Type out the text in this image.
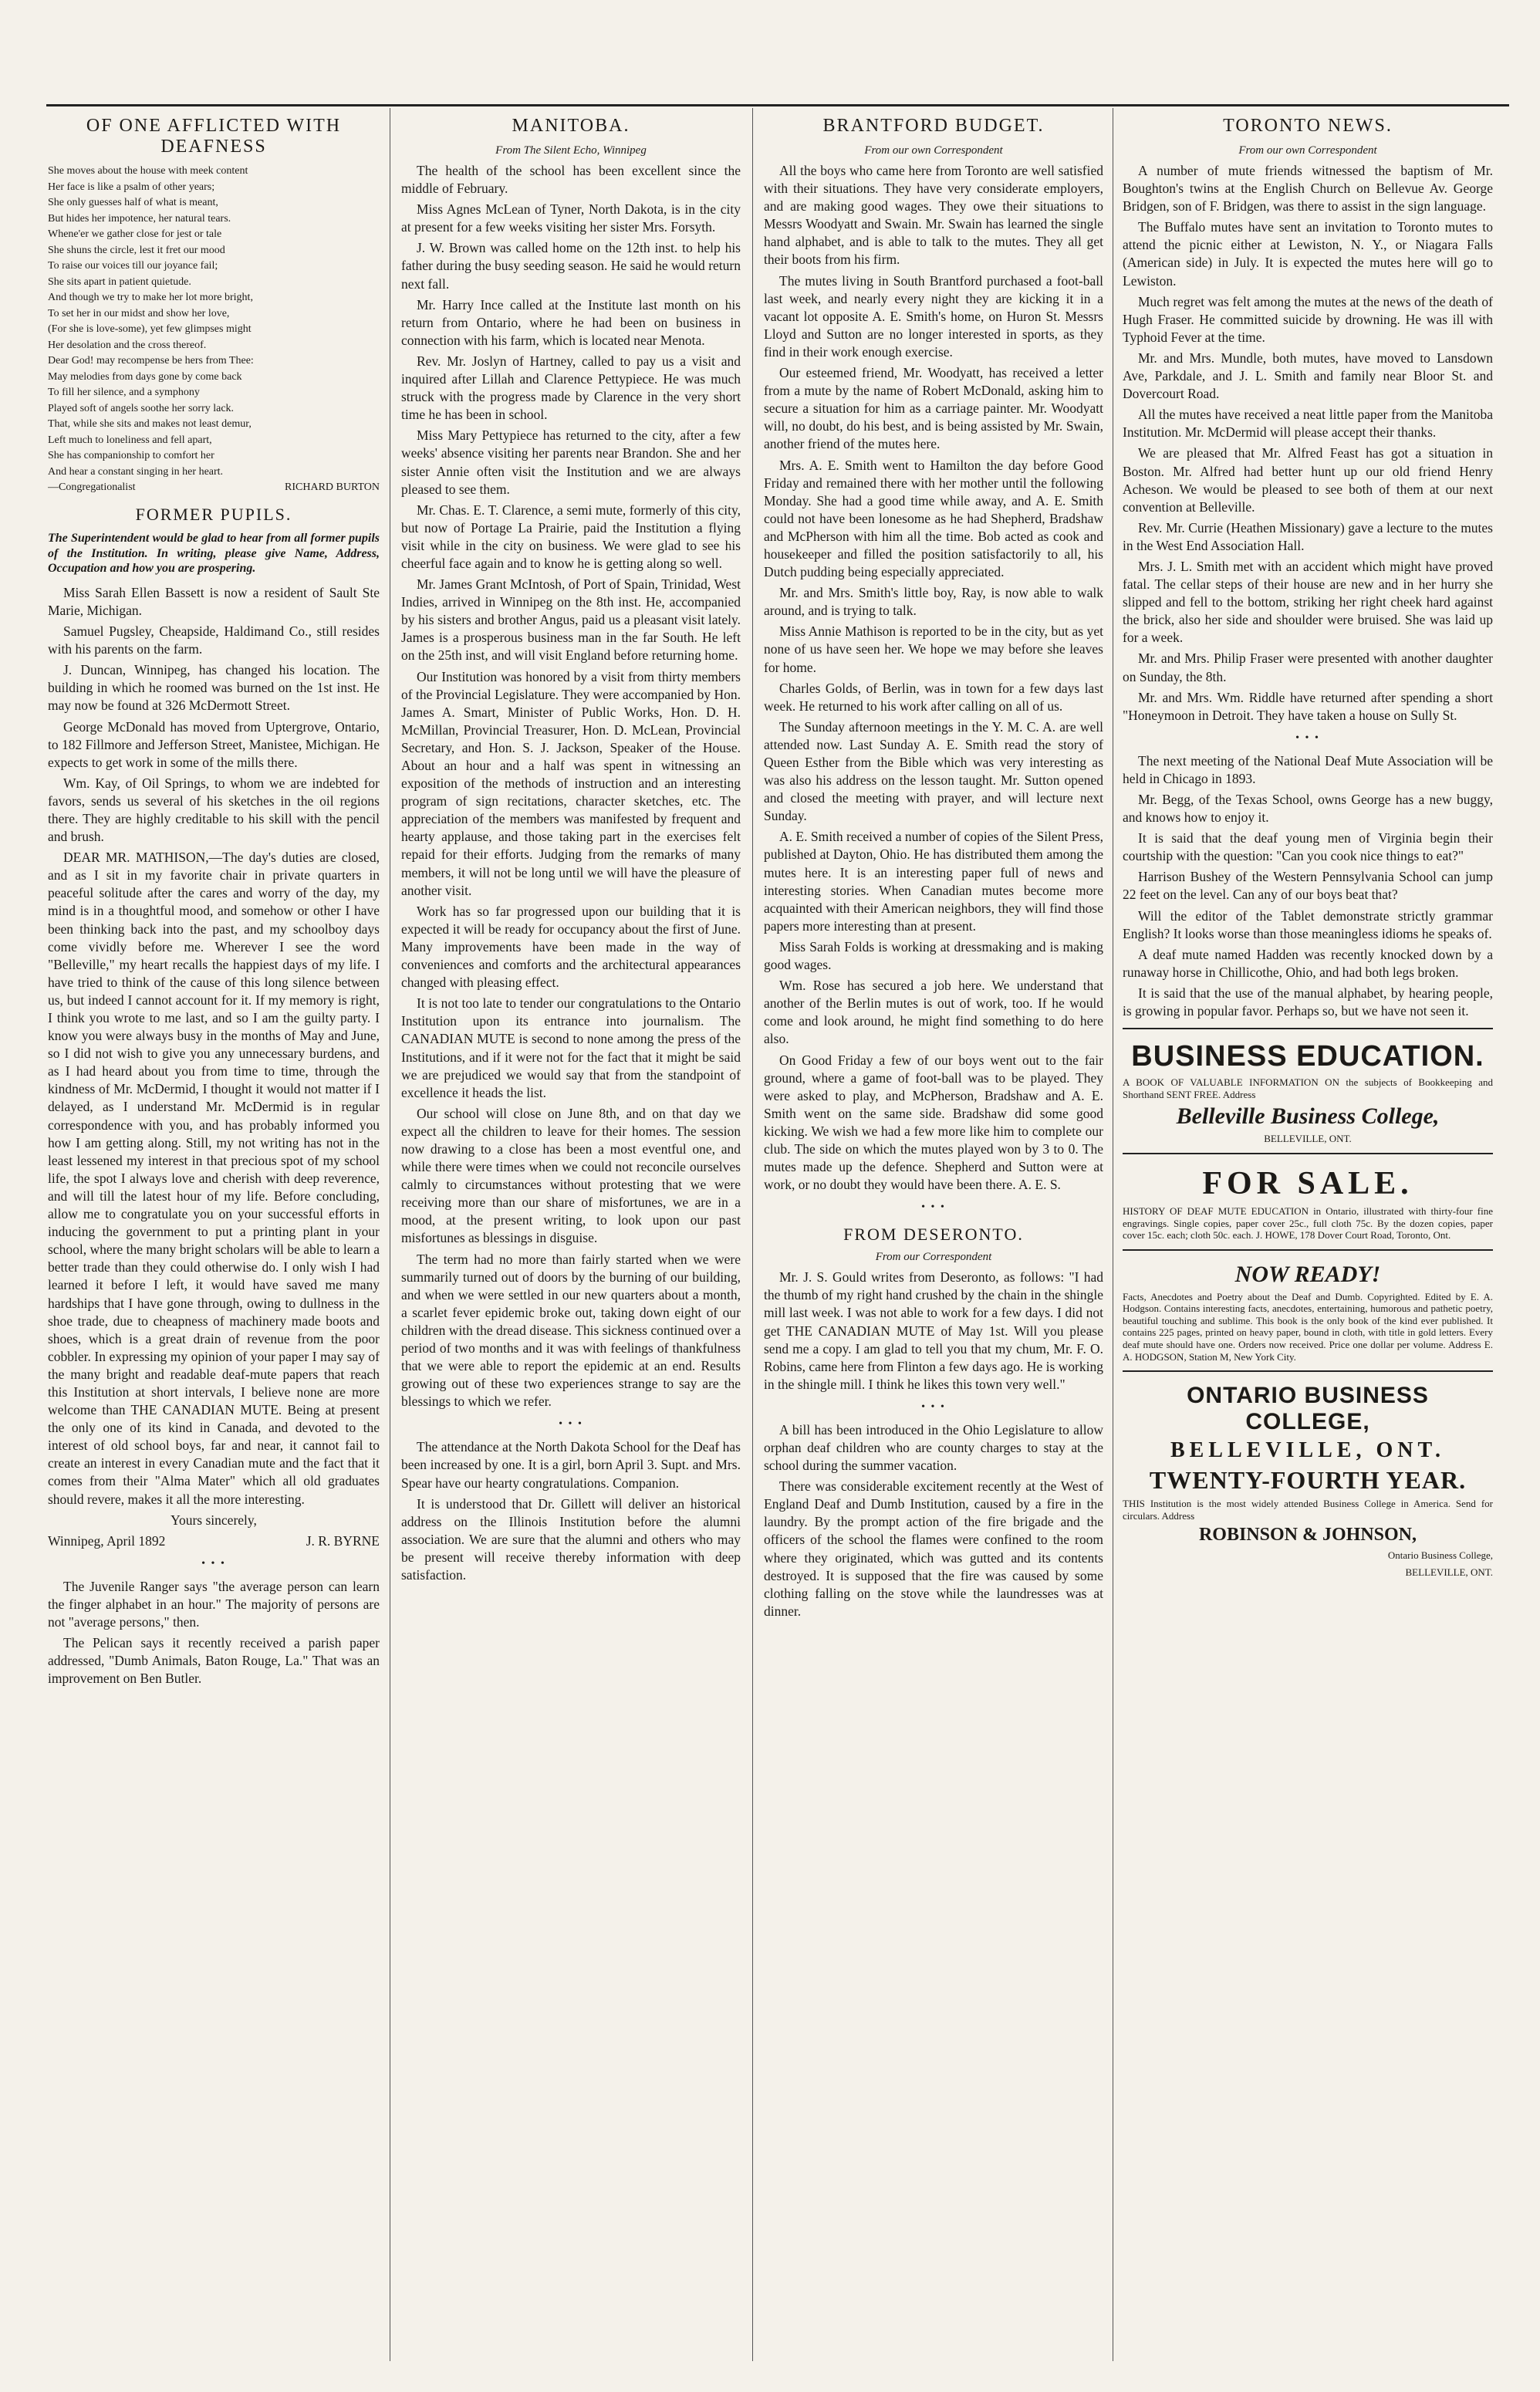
OF ONE AFFLICTED WITH DEAFNESS

She moves about the house with meek content

Her face is like a psalm of other years;

She only guesses half of what is meant,

But hides her impotence, her natural tears.

Whene'er we gather close for jest or tale

She shuns the circle, lest it fret our mood

To raise our voices till our joyance fail;

She sits apart in patient quietude.

And though we try to make her lot more bright,

To set her in our midst and show her love,

(For she is love-some), yet few glimpses might

Her desolation and the cross thereof.

Dear God! may recompense be hers from Thee:

May melodies from days gone by come back

To fill her silence, and a symphony

Played soft of angels soothe her sorry lack.

That, while she sits and makes not least demur,

Left much to loneliness and fell apart,

She has companionship to comfort her

And hear a constant singing in her heart.

—Congregationalist	RICHARD BURTON
FORMER PUPILS.

The Superintendent would be glad to hear from all former pupils of the Institution. In writing, please give Name, Address, Occupation and how you are prospering.

Miss Sarah Ellen Bassett is now a resident of Sault Ste Marie, Michigan.

Samuel Pugsley, Cheapside, Haldimand Co., still resides with his parents on the farm.

J. Duncan, Winnipeg, has changed his location. The building in which he roomed was burned on the 1st inst. He may now be found at 326 McDermott Street.

George McDonald has moved from Uptergrove, Ontario, to 182 Fillmore and Jefferson Street, Manistee, Michigan. He expects to get work in some of the mills there.

Wm. Kay, of Oil Springs, to whom we are indebted for favors, sends us several of his sketches in the oil regions there. They are highly creditable to his skill with the pencil and brush.

DEAR MR. MATHISON,—The day's duties are closed, and as I sit in my favorite chair in private quarters in peaceful solitude after the cares and worry of the day, my mind is in a thoughtful mood, and somehow or other I have been thinking back into the past, and my schoolboy days come vividly before me. Wherever I see the word "Belleville," my heart recalls the happiest days of my life. I have tried to think of the cause of this long silence between us, but indeed I cannot account for it. If my memory is right, I think you wrote to me last, and so I am the guilty party. I know you were always busy in the months of May and June, so I did not wish to give you any unnecessary burdens, and as I had heard about you from time to time, through the kindness of Mr. McDermid, I thought it would not matter if I delayed, as I understand Mr. McDermid is in regular correspondence with you, and has probably informed you how I am getting along. Still, my not writing has not in the least lessened my interest in that precious spot of my school life, the spot I always love and cherish with deep reverence, and will till the latest hour of my life. Before concluding, allow me to congratulate you on your successful efforts in inducing the government to put a printing plant in your school, where the many bright scholars will be able to learn a better trade than they could otherwise do. I only wish I had learned it before I left, it would have saved me many hardships that I have gone through, owing to dullness in the shoe trade, due to cheapness of machinery made boots and shoes, which is a great drain of revenue from the poor cobbler. In expressing my opinion of your paper I may say of the many bright and readable deaf-mute papers that reach this Institution at short intervals, I believe none are more welcome than THE CANADIAN MUTE. Being at present the only one of its kind in Canada, and devoted to the interest of old school boys, far and near, it cannot fail to create an interest in every Canadian mute and the fact that it comes from their "Alma Mater" which all old graduates should revere, makes it all the more interesting.

Yours sincerely,

Winnipeg, April 1892	J. R. BYRNE

• • •

The Juvenile Ranger says "the average person can learn the finger alphabet in an hour." The majority of persons are not "average persons," then.

The Pelican says it recently received a parish paper addressed, "Dumb Animals, Baton Rouge, La." That was an improvement on Ben Butler.

MANITOBA.
From The Silent Echo, Winnipeg

The health of the school has been excellent since the middle of February.

Miss Agnes McLean of Tyner, North Dakota, is in the city at present for a few weeks visiting her sister Mrs. Forsyth.

J. W. Brown was called home on the 12th inst. to help his father during the busy seeding season. He said he would return next fall.

Mr. Harry Ince called at the Institute last month on his return from Ontario, where he had been on business in connection with his farm, which is located near Menota.

Rev. Mr. Joslyn of Hartney, called to pay us a visit and inquired after Lillah and Clarence Pettypiece. He was much struck with the progress made by Clarence in the very short time he has been in school.

Miss Mary Pettypiece has returned to the city, after a few weeks' absence visiting her parents near Brandon. She and her sister Annie often visit the Institution and we are always pleased to see them.

Mr. Chas. E. T. Clarence, a semi mute, formerly of this city, but now of Portage La Prairie, paid the Institution a flying visit while in the city on business. We were glad to see his cheerful face again and to know he is getting along so well.

Mr. James Grant McIntosh, of Port of Spain, Trinidad, West Indies, arrived in Winnipeg on the 8th inst. He, accompanied by his sisters and brother Angus, paid us a pleasant visit lately. James is a prosperous business man in the far South. He left on the 25th inst, and will visit England before returning home.

Our Institution was honored by a visit from thirty members of the Provincial Legislature. They were accompanied by Hon. James A. Smart, Minister of Public Works, Hon. D. H. McMillan, Provincial Treasurer, Hon. D. McLean, Provincial Secretary, and Hon. S. J. Jackson, Speaker of the House. About an hour and a half was spent in witnessing an exposition of the methods of instruction and an interesting program of sign recitations, character sketches, etc. The appreciation of the members was manifested by frequent and hearty applause, and those taking part in the exercises felt repaid for their efforts. Judging from the remarks of many members, it will not be long until we will have the pleasure of another visit.

Work has so far progressed upon our building that it is expected it will be ready for occupancy about the first of June. Many improvements have been made in the way of conveniences and comforts and the architectural appearances changed with pleasing effect.

It is not too late to tender our congratulations to the Ontario Institution upon its entrance into journalism. The CANADIAN MUTE is second to none among the press of the Institutions, and if it were not for the fact that it might be said we are prejudiced we would say that from the standpoint of excellence it heads the list.

Our school will close on June 8th, and on that day we expect all the children to leave for their homes. The session now drawing to a close has been a most eventful one, and while there were times when we could not reconcile ourselves calmly to circumstances without protesting that we were receiving more than our share of misfortunes, we are in a mood, at the present writing, to look upon our past misfortunes as blessings in disguise.

The term had no more than fairly started when we were summarily turned out of doors by the burning of our building, and when we were settled in our new quarters about a month, a scarlet fever epidemic broke out, taking down eight of our children with the dread disease. This sickness continued over a period of two months and it was with feelings of thankfulness that we were able to report the epidemic at an end. Results growing out of these two experiences strange to say are the blessings to which we refer.

• • •

The attendance at the North Dakota School for the Deaf has been increased by one. It is a girl, born April 3. Supt. and Mrs. Spear have our hearty congratulations. Companion.

It is understood that Dr. Gillett will deliver an historical address on the Illinois Institution before the alumni association. We are sure that the alumni and others who may be present will receive thereby information with deep satisfaction.

BRANTFORD BUDGET.
From our own Correspondent

All the boys who came here from Toronto are well satisfied with their situations. They have very considerate employers, and are making good wages. They owe their situations to Messrs Woodyatt and Swain. Mr. Swain has learned the single hand alphabet, and is able to talk to the mutes. They all get their boots from his firm.

The mutes living in South Brantford purchased a foot-ball last week, and nearly every night they are kicking it in a vacant lot opposite A. E. Smith's home, on Huron St. Messrs Lloyd and Sutton are no longer interested in sports, as they find in their work enough exercise.

Our esteemed friend, Mr. Woodyatt, has received a letter from a mute by the name of Robert McDonald, asking him to secure a situation for him as a carriage painter. Mr. Woodyatt will, no doubt, do his best, and is being assisted by Mr. Swain, another friend of the mutes here.

Mrs. A. E. Smith went to Hamilton the day before Good Friday and remained there with her mother until the following Monday. She had a good time while away, and A. E. Smith could not have been lonesome as he had Shepherd, Bradshaw and McPherson with him all the time. Bob acted as cook and housekeeper and filled the position satisfactorily to all, his Dutch pudding being especially appreciated.

Mr. and Mrs. Smith's little boy, Ray, is now able to walk around, and is trying to talk.

Miss Annie Mathison is reported to be in the city, but as yet none of us have seen her. We hope we may before she leaves for home.

Charles Golds, of Berlin, was in town for a few days last week. He returned to his work after calling on all of us.

The Sunday afternoon meetings in the Y. M. C. A. are well attended now. Last Sunday A. E. Smith read the story of Queen Esther from the Bible which was very interesting as was also his address on the lesson taught. Mr. Sutton opened and closed the meeting with prayer, and will lecture next Sunday.

A. E. Smith received a number of copies of the Silent Press, published at Dayton, Ohio. He has distributed them among the mutes here. It is an interesting paper full of news and interesting stories. When Canadian mutes become more acquainted with their American neighbors, they will find those papers more interesting than at present.

Miss Sarah Folds is working at dressmaking and is making good wages.

Wm. Rose has secured a job here. We understand that another of the Berlin mutes is out of work, too. If he would come and look around, he might find something to do here also.

On Good Friday a few of our boys went out to the fair ground, where a game of foot-ball was to be played. They were asked to play, and McPherson, Bradshaw and A. E. Smith went on the same side. Bradshaw did some good kicking. We wish we had a few more like him to complete our club. The side on which the mutes played won by 3 to 0. The mutes made up the defence. Shepherd and Sutton were at work, or no doubt they would have been there. A. E. S.

• • •
FROM DESERONTO.
From our Correspondent

Mr. J. S. Gould writes from Deseronto, as follows: "I had the thumb of my right hand crushed by the chain in the shingle mill last week. I was not able to work for a few days. I did not get THE CANADIAN MUTE of May 1st. Will you please send me a copy. I am glad to tell you that my chum, Mr. F. O. Robins, came here from Flinton a few days ago. He is working in the shingle mill. I think he likes this town very well."

• • •

A bill has been introduced in the Ohio Legislature to allow orphan deaf children who are county charges to stay at the school during the summer vacation.

There was considerable excitement recently at the West of England Deaf and Dumb Institution, caused by a fire in the laundry. By the prompt action of the fire brigade and the officers of the school the flames were confined to the room where they originated, which was gutted and its contents destroyed. It is supposed that the fire was caused by some clothing falling on the stove while the laundresses was at dinner.

TORONTO NEWS.
From our own Correspondent

A number of mute friends witnessed the baptism of Mr. Boughton's twins at the English Church on Bellevue Av. George Bridgen, son of F. Bridgen, was there to assist in the sign language.

The Buffalo mutes have sent an invitation to Toronto mutes to attend the picnic either at Lewiston, N. Y., or Niagara Falls (American side) in July. It is expected the mutes here will go to Lewiston.

Much regret was felt among the mutes at the news of the death of Hugh Fraser. He committed suicide by drowning. He was ill with Typhoid Fever at the time.

Mr. and Mrs. Mundle, both mutes, have moved to Lansdown Ave, Parkdale, and J. L. Smith and family near Bloor St. and Dovercourt Road.

All the mutes have received a neat little paper from the Manitoba Institution. Mr. McDermid will please accept their thanks.

We are pleased that Mr. Alfred Feast has got a situation in Boston. Mr. Alfred had better hunt up our old friend Henry Acheson. We would be pleased to see both of them at our next convention at Belleville.

Rev. Mr. Currie (Heathen Missionary) gave a lecture to the mutes in the West End Association Hall.

Mrs. J. L. Smith met with an accident which might have proved fatal. The cellar steps of their house are new and in her hurry she slipped and fell to the bottom, striking her right cheek hard against the brick, also her side and shoulder were bruised. She was laid up for a week.

Mr. and Mrs. Philip Fraser were presented with another daughter on Sunday, the 8th.

Mr. and Mrs. Wm. Riddle have returned after spending a short "Honeymoon in Detroit. They have taken a house on Sully St.

• • •

The next meeting of the National Deaf Mute Association will be held in Chicago in 1893.

Mr. Begg, of the Texas School, owns George has a new buggy, and knows how to enjoy it.

It is said that the deaf young men of Virginia begin their courtship with the question: "Can you cook nice things to eat?"

Harrison Bushey of the Western Pennsylvania School can jump 22 feet on the level. Can any of our boys beat that?

Will the editor of the Tablet demonstrate strictly grammar English? It looks worse than those meaningless idioms he speaks of.

A deaf mute named Hadden was recently knocked down by a runaway horse in Chillicothe, Ohio, and had both legs broken.

It is said that the use of the manual alphabet, by hearing people, is growing in popular favor. Perhaps so, but we have not seen it.

BUSINESS EDUCATION.

A BOOK OF VALUABLE INFORMATION ON the subjects of Bookkeeping and Shorthand SENT FREE. Address

Belleville Business College,

BELLEVILLE, ONT.

FOR SALE.

HISTORY OF DEAF MUTE EDUCATION in Ontario, illustrated with thirty-four fine engravings. Single copies, paper cover 25c., full cloth 75c. By the dozen copies, paper cover 15c. each; cloth 50c. each. J. HOWE, 178 Dover Court Road, Toronto, Ont.

NOW READY!

Facts, Anecdotes and Poetry about the Deaf and Dumb. Copyrighted. Edited by E. A. Hodgson. Contains interesting facts, anecdotes, entertaining, humorous and pathetic poetry, beautiful touching and sublime. This book is the only book of the kind ever published. It contains 225 pages, printed on heavy paper, bound in cloth, with title in gold letters. Every deaf mute should have one. Orders now received. Price one dollar per volume. Address E. A. HODGSON, Station M, New York City.

ONTARIO BUSINESS COLLEGE,
BELLEVILLE, ONT.
TWENTY-FOURTH YEAR.

THIS Institution is the most widely attended Business College in America. Send for circulars. Address

ROBINSON & JOHNSON,

Ontario Business College,

BELLEVILLE, ONT.
